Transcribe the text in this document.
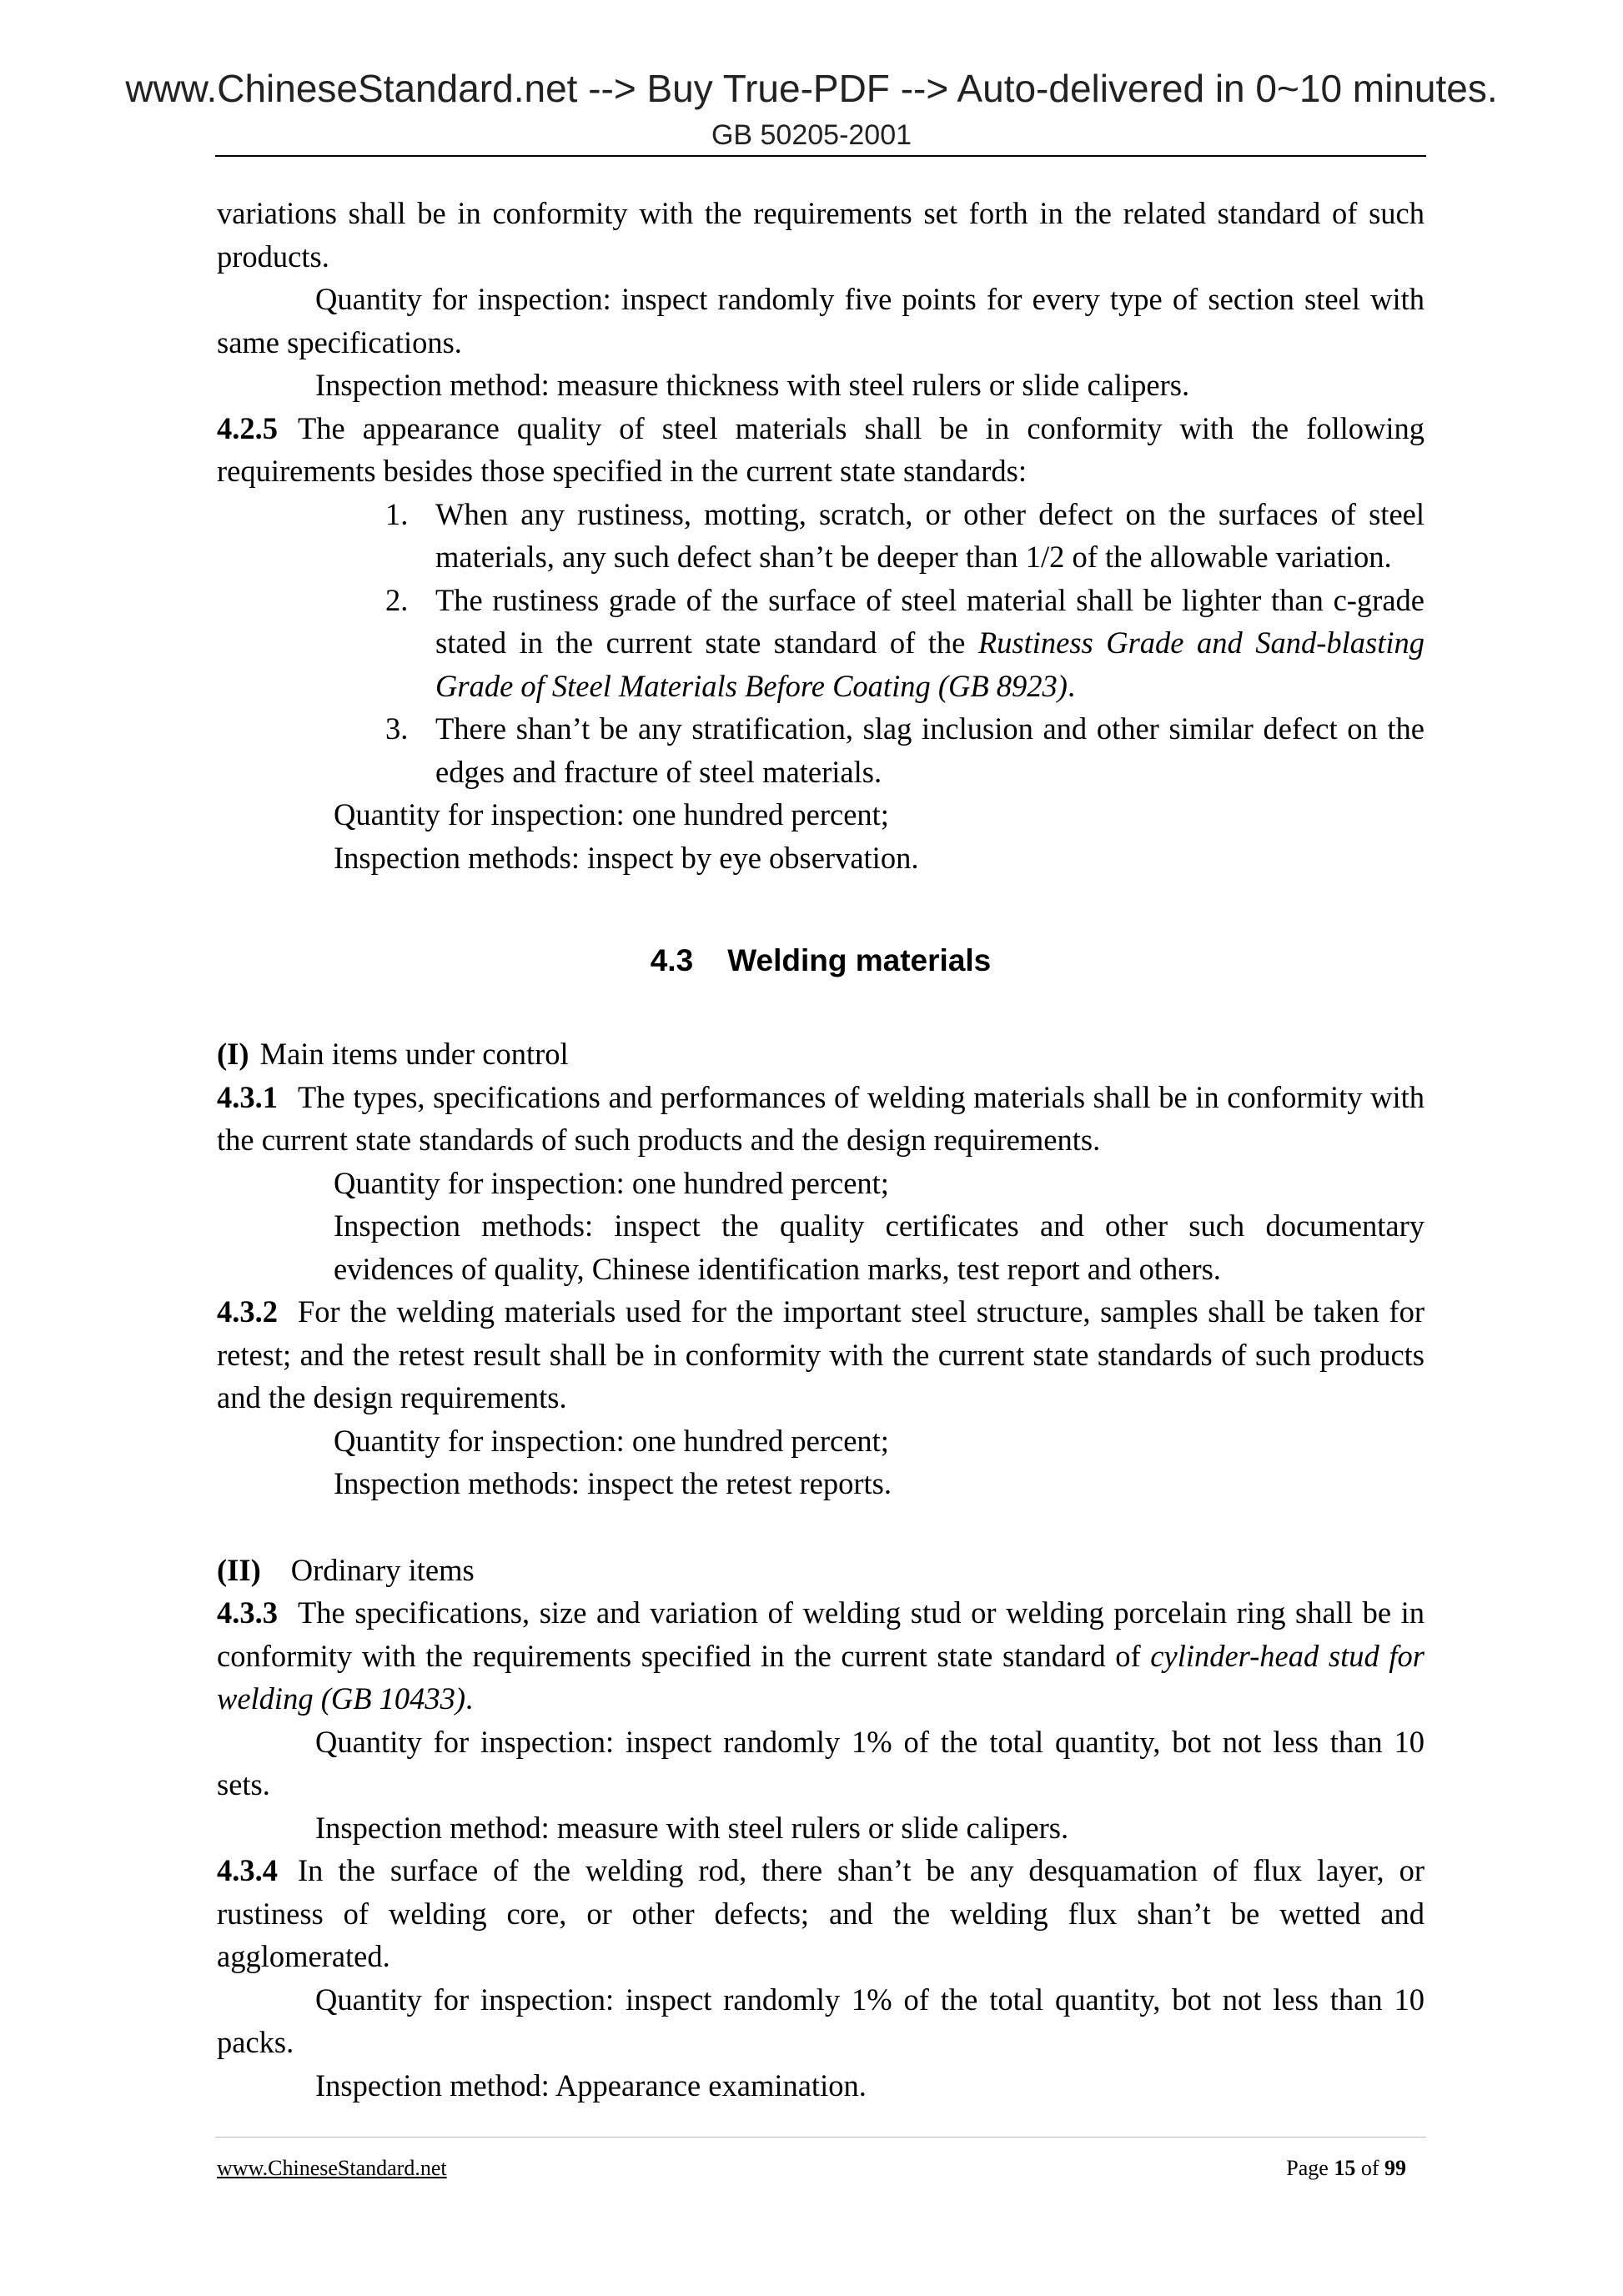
www.ChineseStandard.net --> Buy True-PDF --> Auto-delivered in 0~10 minutes.
GB 50205-2001

variations shall be in conformity with the requirements set forth in the related standard of such products.

Quantity for inspection: inspect randomly five points for every type of section steel with same specifications.

Inspection method: measure thickness with steel rulers or slide calipers.

4.2.5 The appearance quality of steel materials shall be in conformity with the following requirements besides those specified in the current state standards:

1. When any rustiness, motting, scratch, or other defect on the surfaces of steel materials, any such defect shan’t be deeper than 1/2 of the allowable variation.
2. The rustiness grade of the surface of steel material shall be lighter than c-grade stated in the current state standard of the Rustiness Grade and Sand-blasting Grade of Steel Materials Before Coating (GB 8923).
3. There shan’t be any stratification, slag inclusion and other similar defect on the edges and fracture of steel materials.

Quantity for inspection: one hundred percent;

Inspection methods: inspect by eye observation.

4.3    Welding materials

(I) Main items under control

4.3.1 The types, specifications and performances of welding materials shall be in conformity with the current state standards of such products and the design requirements.

Quantity for inspection: one hundred percent;

Inspection methods: inspect the quality certificates and other such documentary evidences of quality, Chinese identification marks, test report and others.

4.3.2 For the welding materials used for the important steel structure, samples shall be taken for retest; and the retest result shall be in conformity with the current state standards of such products and the design requirements.

Quantity for inspection: one hundred percent;

Inspection methods: inspect the retest reports.

(II) Ordinary items

4.3.3 The specifications, size and variation of welding stud or welding porcelain ring shall be in conformity with the requirements specified in the current state standard of cylinder-head stud for welding (GB 10433).

Quantity for inspection: inspect randomly 1% of the total quantity, bot not less than 10 sets.

Inspection method: measure with steel rulers or slide calipers.

4.3.4 In the surface of the welding rod, there shan’t be any desquamation of flux layer, or rustiness of welding core, or other defects; and the welding flux shan’t be wetted and agglomerated.

Quantity for inspection: inspect randomly 1% of the total quantity, bot not less than 10 packs.

Inspection method: Appearance examination.

www.ChineseStandard.net	Page 15 of 99
